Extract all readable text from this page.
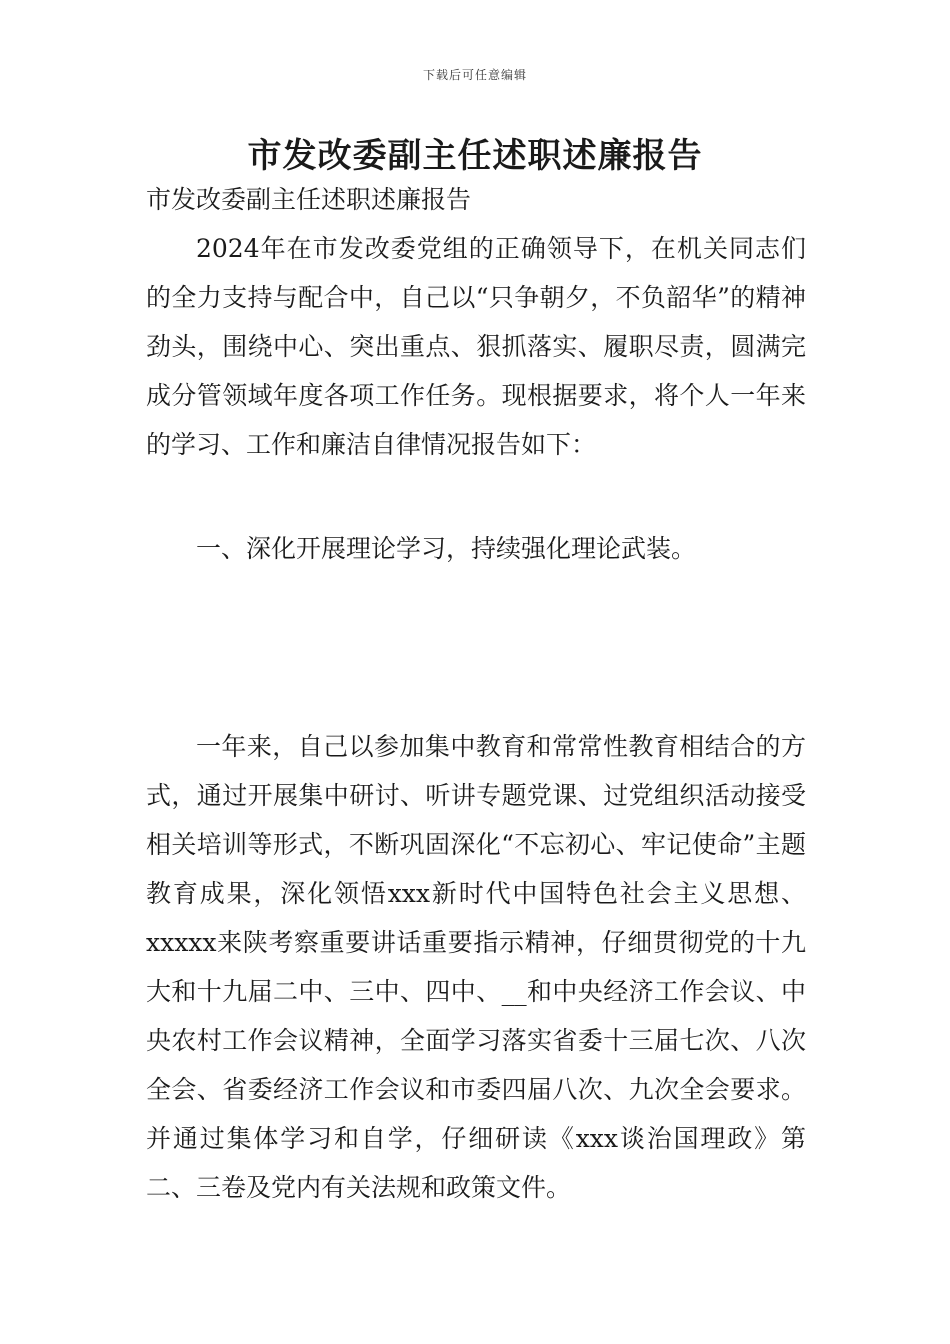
下载后可任意编辑
市发改委副主任述职述廉报告
市发改委副主任述职述廉报告

2024年在市发改委党组的正确领导下，在机关同志们的全力支持与配合中，自己以“只争朝夕，不负韶华”的精神劲头，围绕中心、突出重点、狠抓落实、履职尽责，圆满完成分管领域年度各项工作任务。现根据要求，将个人一年来的学习、工作和廉洁自律情况报告如下：

一、深化开展理论学习，持续强化理论武装。

一年来，自己以参加集中教育和常常性教育相结合的方式，通过开展集中研讨、听讲专题党课、过党组织活动接受相关培训等形式，不断巩固深化“不忘初心、牢记使命”主题教育成果，深化领悟xxx新时代中国特色社会主义思想、xxxxx来陕考察重要讲话重要指示精神，仔细贯彻党的十九大和十九届二中、三中、四中、__和中央经济工作会议、中央农村工作会议精神，全面学习落实省委十三届七次、八次全会、省委经济工作会议和市委四届八次、九次全会要求。并通过集体学习和自学，仔细研读《xxx谈治国理政》第二、三卷及党内有关法规和政策文件。
